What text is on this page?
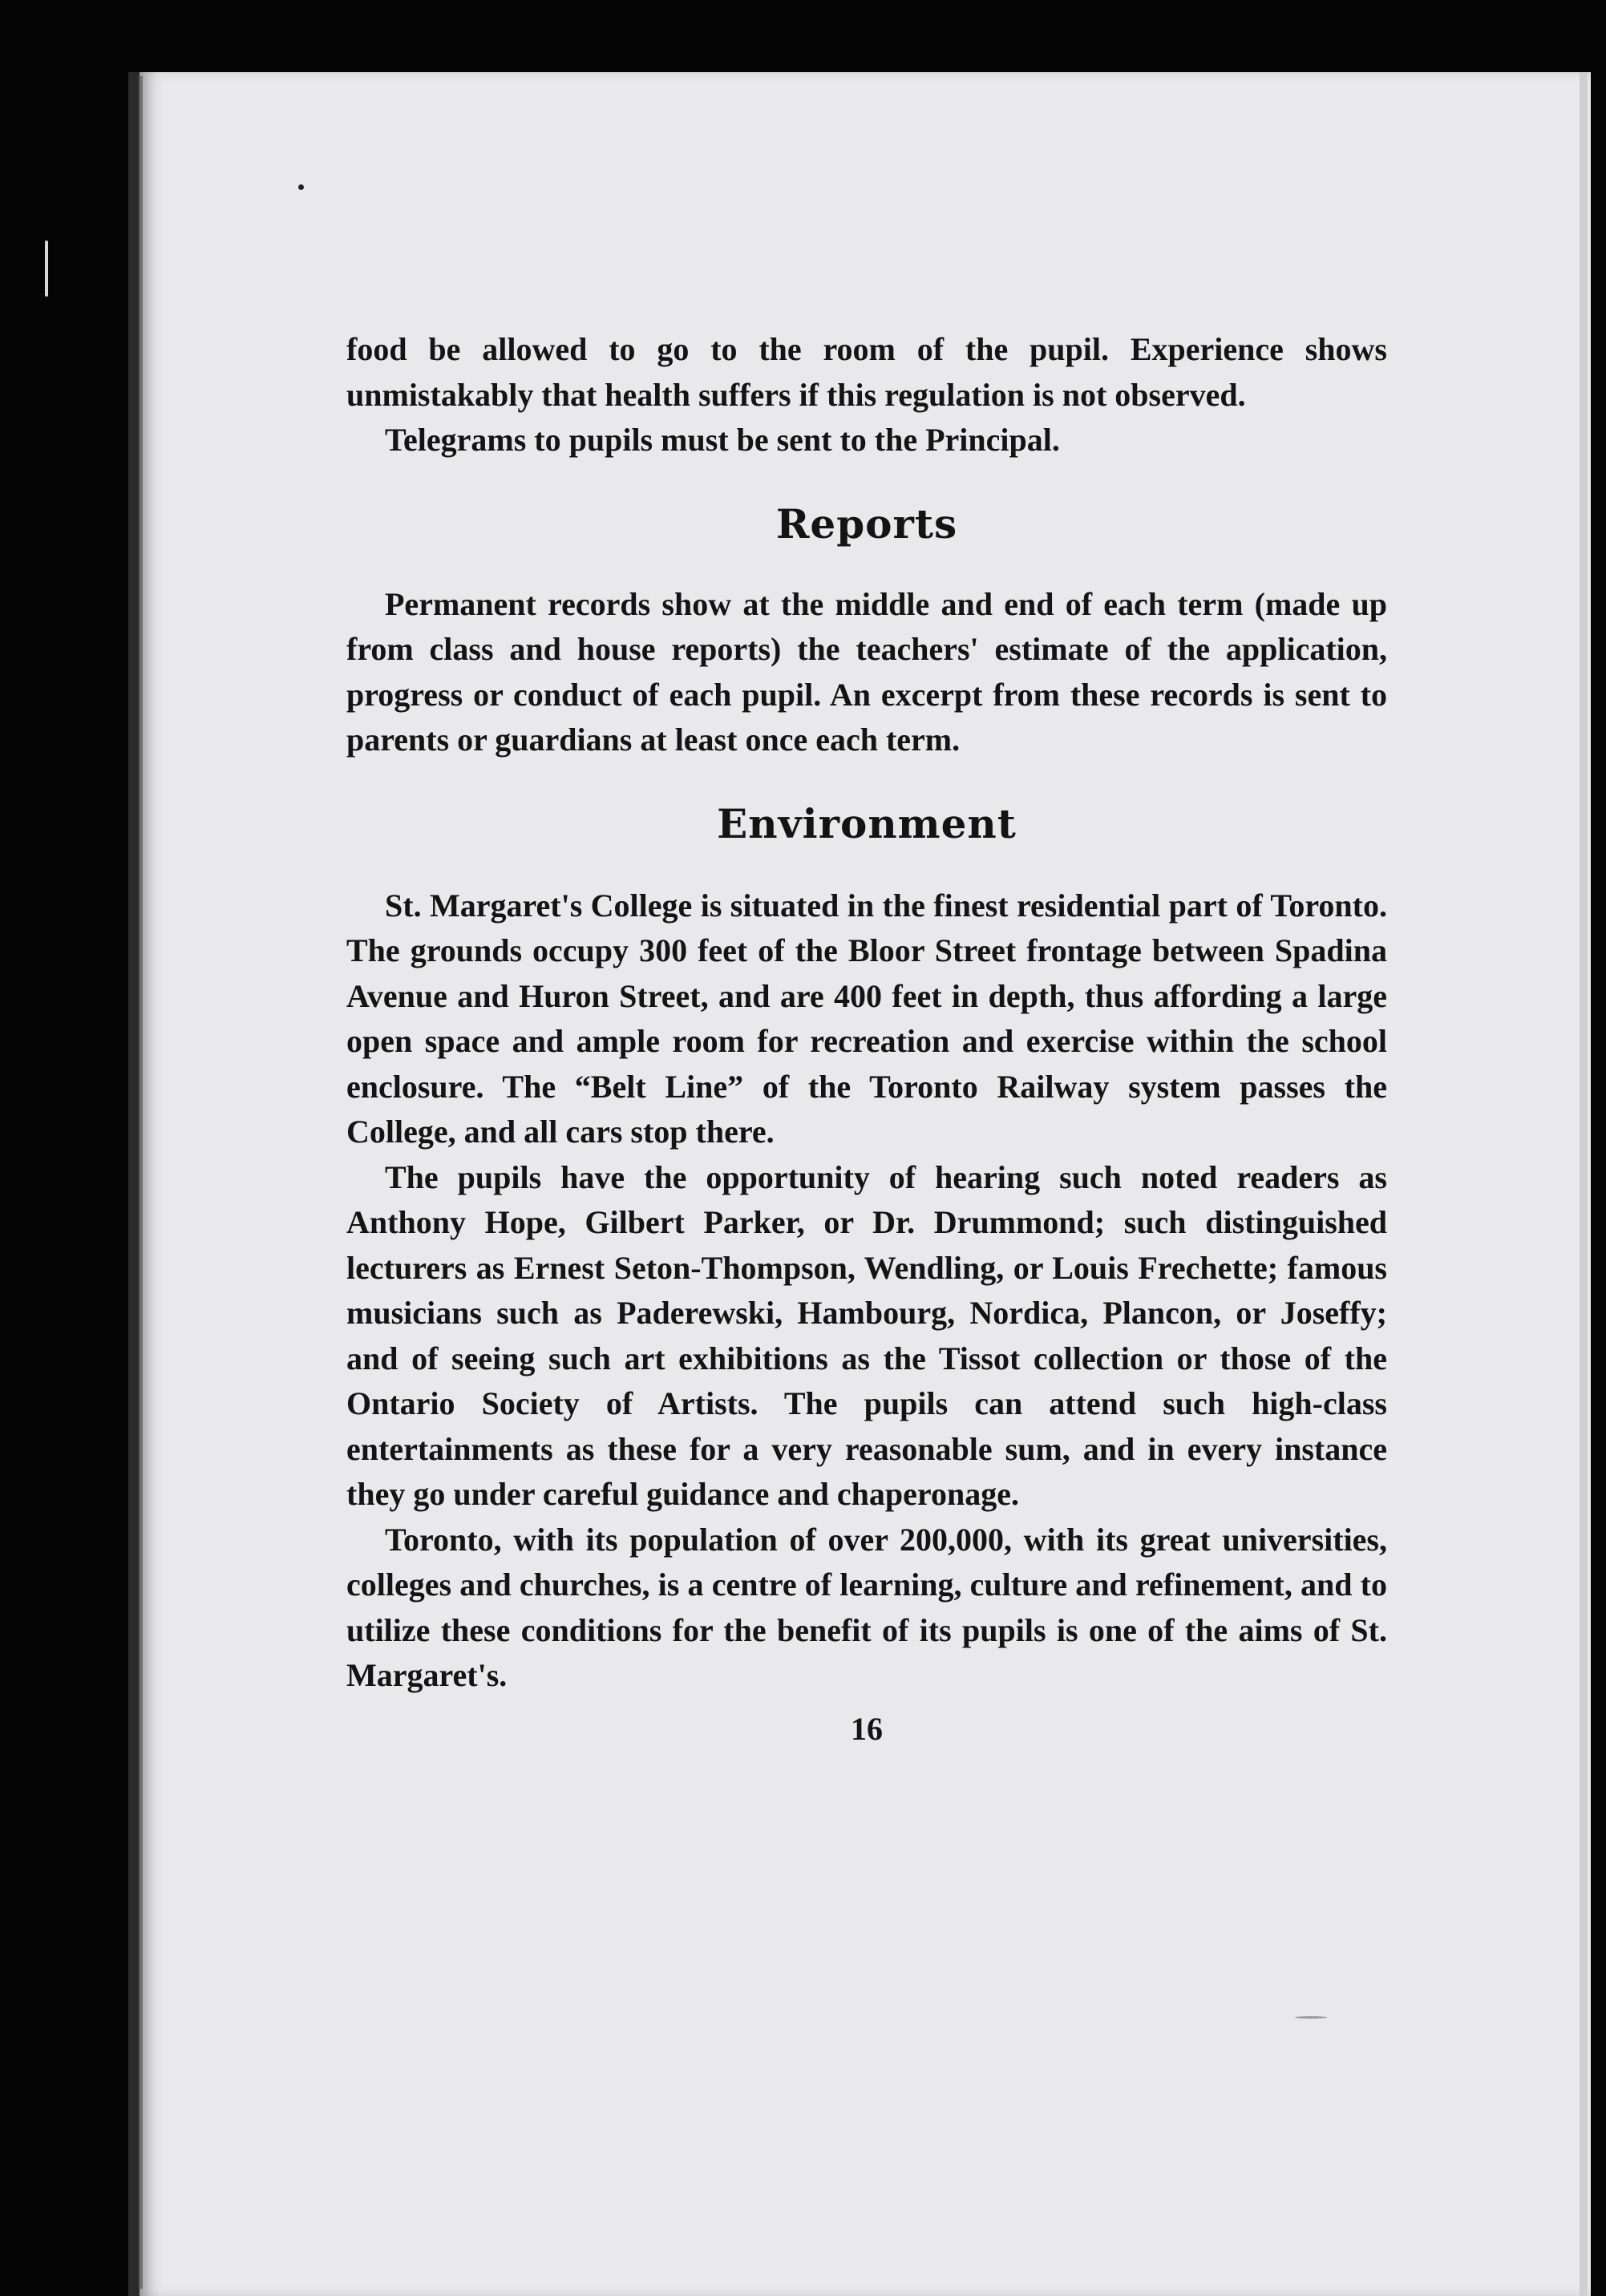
food be allowed to go to the room of the pupil. Experience shows unmistakably that health suffers if this regulation is not observed.

Telegrams to pupils must be sent to the Principal.

Reports

Permanent records show at the middle and end of each term (made up from class and house reports) the teachers' estimate of the application, progress or conduct of each pupil. An excerpt from these records is sent to parents or guardians at least once each term.

Environment

St. Margaret's College is situated in the finest residential part of Toronto. The grounds occupy 300 feet of the Bloor Street frontage between Spadina Avenue and Huron Street, and are 400 feet in depth, thus affording a large open space and ample room for recreation and exercise within the school enclosure. The “Belt Line” of the Toronto Railway system passes the College, and all cars stop there.

The pupils have the opportunity of hearing such noted readers as Anthony Hope, Gilbert Parker, or Dr. Drummond; such distinguished lecturers as Ernest Seton-Thompson, Wendling, or Louis Frechette; famous musicians such as Paderewski, Hambourg, Nordica, Plancon, or Joseffy; and of seeing such art exhibitions as the Tissot collection or those of the Ontario Society of Artists. The pupils can attend such high-class entertainments as these for a very reasonable sum, and in every instance they go under careful guidance and chaperonage.

Toronto, with its population of over 200,000, with its great universities, colleges and churches, is a centre of learning, culture and refinement, and to utilize these conditions for the benefit of its pupils is one of the aims of St. Margaret's.

16
